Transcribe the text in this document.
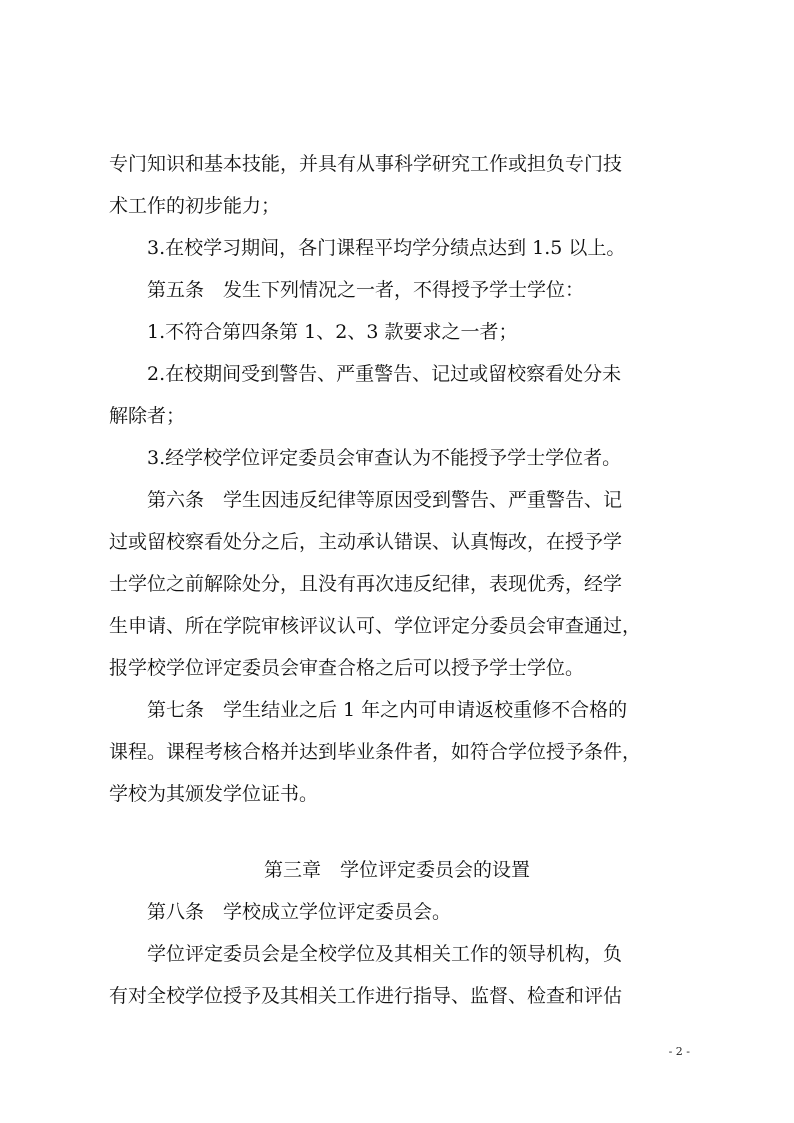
专门知识和基本技能，并具有从事科学研究工作或担负专门技
术工作的初步能力；
3.在校学习期间，各门课程平均学分绩点达到 1.5 以上。
第五条　发生下列情况之一者，不得授予学士学位：
1.不符合第四条第 1、2、3 款要求之一者；
2.在校期间受到警告、严重警告、记过或留校察看处分未
解除者；
3.经学校学位评定委员会审查认为不能授予学士学位者。
第六条　学生因违反纪律等原因受到警告、严重警告、记
过或留校察看处分之后，主动承认错误、认真悔改，在授予学
士学位之前解除处分，且没有再次违反纪律，表现优秀，经学
生申请、所在学院审核评议认可、学位评定分委员会审查通过，
报学校学位评定委员会审查合格之后可以授予学士学位。
第七条　学生结业之后 1 年之内可申请返校重修不合格的
课程。课程考核合格并达到毕业条件者，如符合学位授予条件，
学校为其颁发学位证书。
第三章　学位评定委员会的设置
第八条　学校成立学位评定委员会。
学位评定委员会是全校学位及其相关工作的领导机构，负
有对全校学位授予及其相关工作进行指导、监督、检查和评估
- 2 -
